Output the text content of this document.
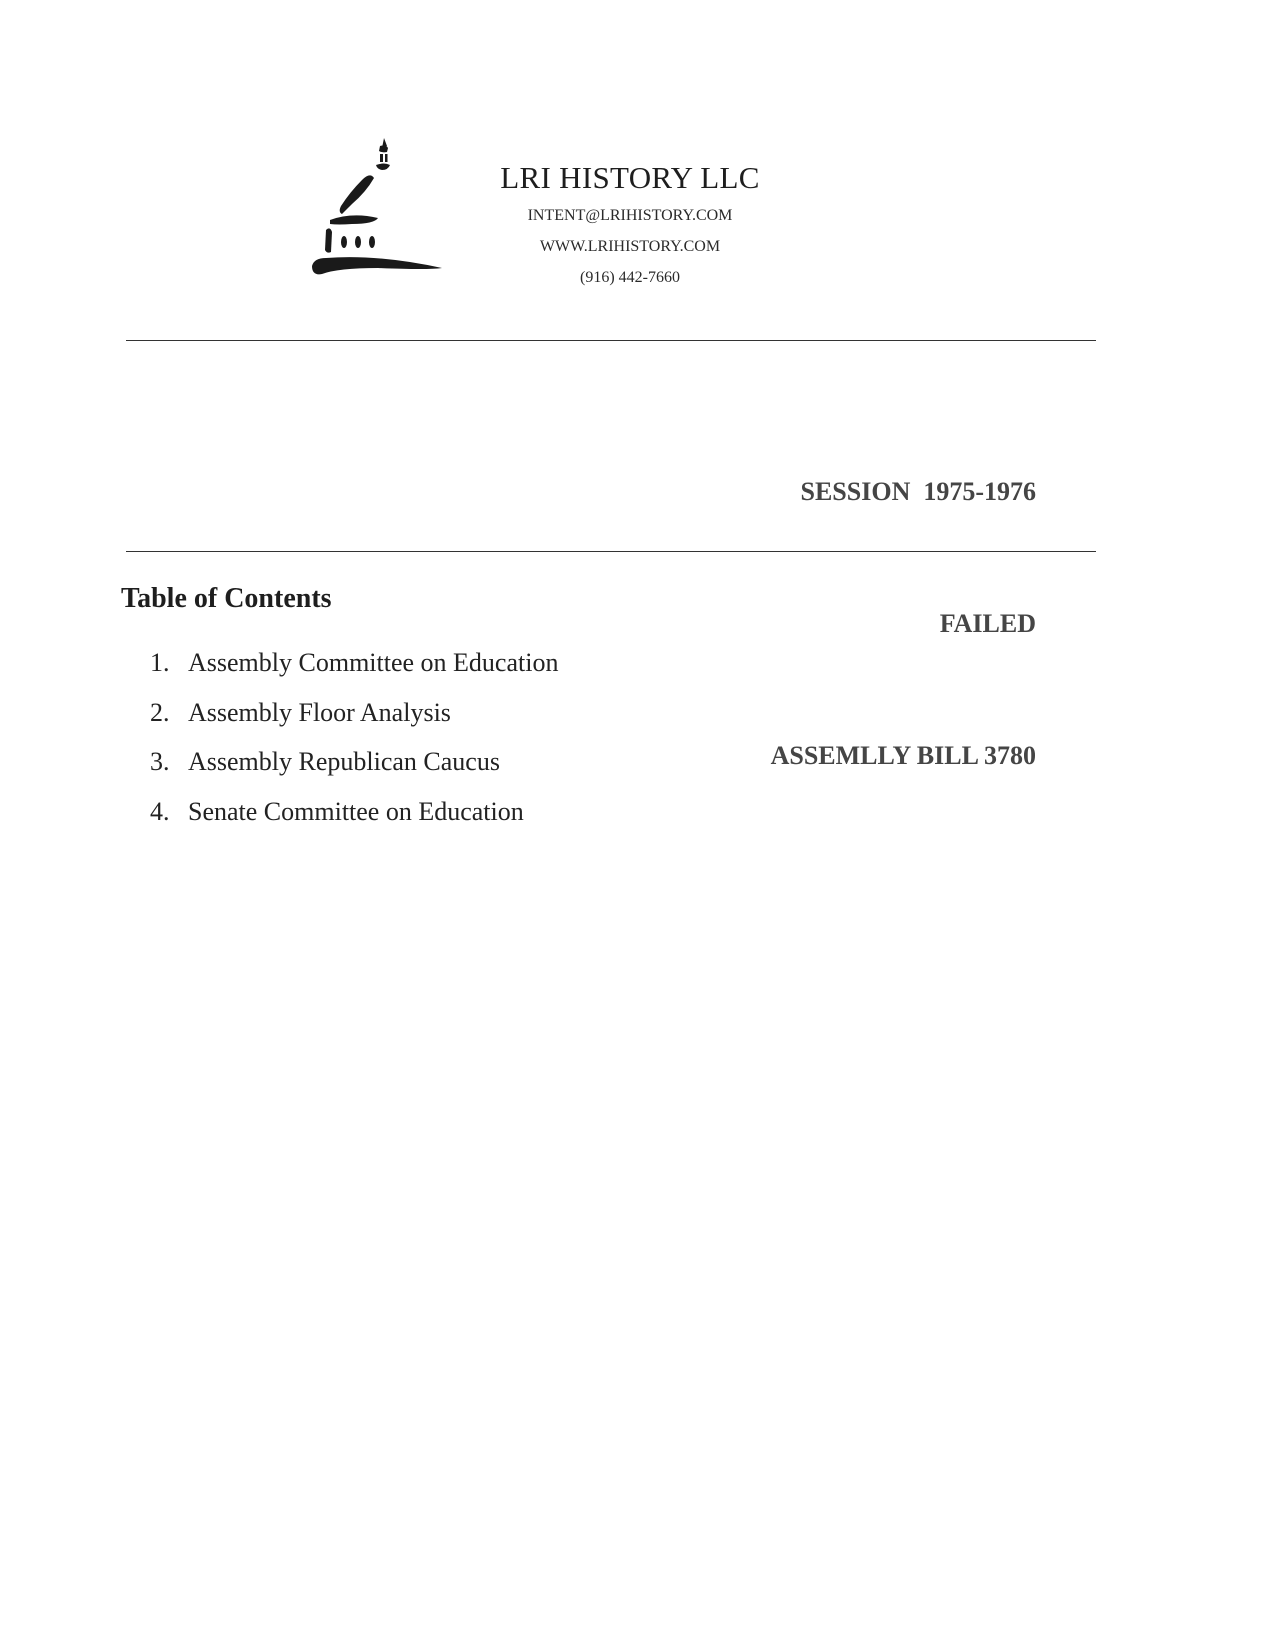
LRI HISTORY LLC
INTENT@LRIHISTORY.COM
WWW.LRIHISTORY.COM
(916) 442-7660

SESSION  1975-1976

FAILED

ASSEMLLY BILL 3780

Table of Contents
1. Assembly Committee on Education
2. Assembly Floor Analysis
3. Assembly Republican Caucus
4. Senate Committee on Education
